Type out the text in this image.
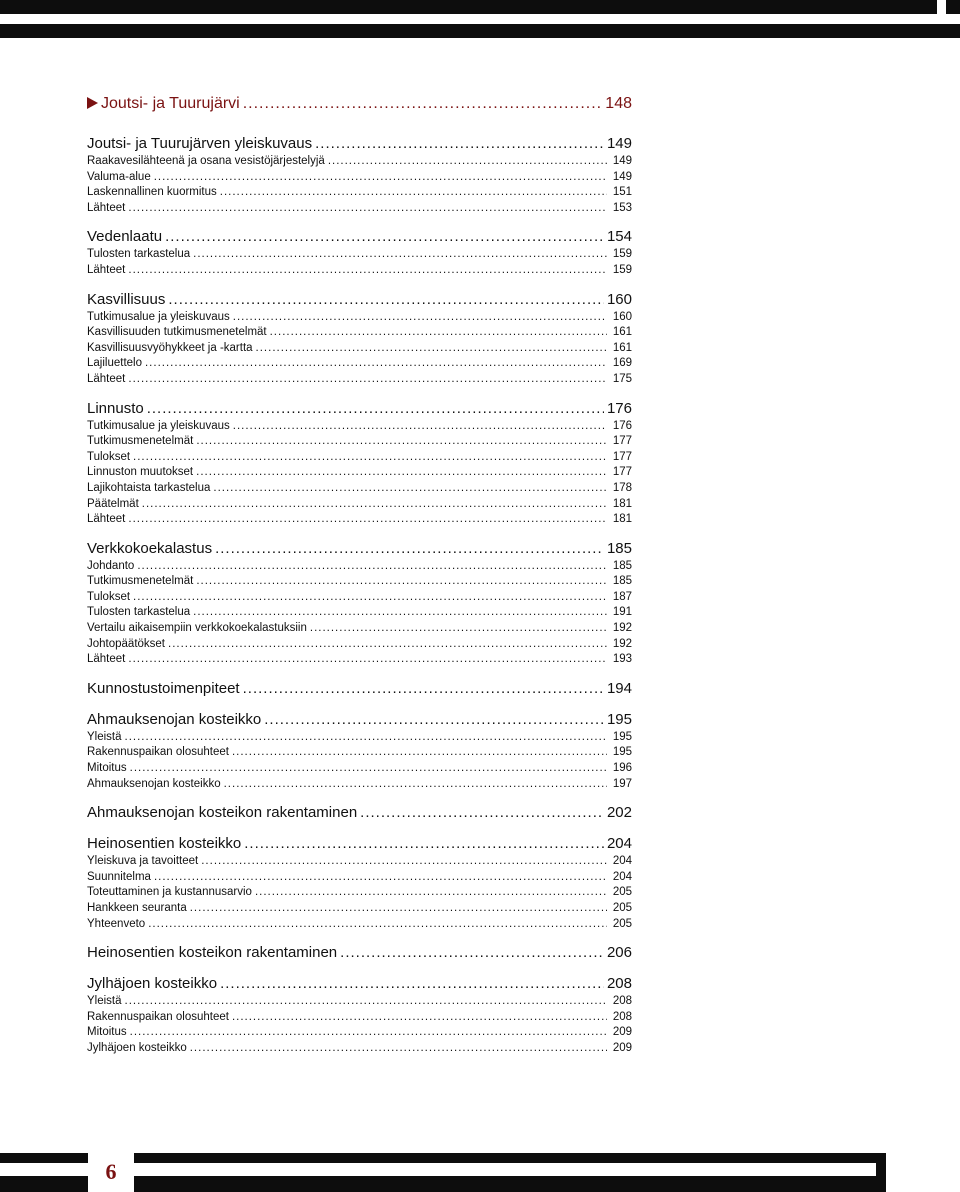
Joutsi- ja Tuurujärvi .....	148
Joutsi- ja Tuurujärven yleiskuvaus .....	149
Raakavesilähteenä ja osana vesistöjärjestelyjä .....	149
Valuma-alue .....	149
Laskennallinen kuormitus .....	151
Lähteet .....	153
Vedenlaatu .....	154
Tulosten tarkastelua .....	159
Lähteet .....	159
Kasvillisuus .....	160
Tutkimusalue ja yleiskuvaus .....	160
Kasvillisuuden tutkimusmenetelmät .....	161
Kasvillisuusvyöhykkeet ja -kartta .....	161
Lajiluettelo .....	169
Lähteet .....	175
Linnusto .....	176
Tutkimusalue ja yleiskuvaus .....	176
Tutkimusmenetelmät .....	177
Tulokset .....	177
Linnuston muutokset .....	177
Lajikohtaista tarkastelua .....	178
Päätelmät .....	181
Lähteet .....	181
Verkkokoekalastus .....	185
Johdanto .....	185
Tutkimusmenetelmät .....	185
Tulokset .....	187
Tulosten tarkastelua .....	191
Vertailu aikaisempiin verkkokoekalastuksiin .....	192
Johtopäätökset .....	192
Lähteet .....	193
Kunnostustoimenpiteet .....	194
Ahmauksenojan kosteikko .....	195
Yleistä .....	195
Rakennuspaikan olosuhteet .....	195
Mitoitus .....	196
Ahmauksenojan kosteikko .....	197
Ahmauksenojan kosteikon rakentaminen .....	202
Heinosentien kosteikko .....	204
Yleiskuva ja tavoitteet .....	204
Suunnitelma .....	204
Toteuttaminen ja kustannusarvio .....	205
Hankkeen seuranta .....	205
Yhteenveto .....	205
Heinosentien kosteikon rakentaminen .....	206
Jylhäjoen kosteikko .....	208
Yleistä .....	208
Rakennuspaikan olosuhteet .....	208
Mitoitus .....	209
Jylhäjoen kosteikko .....	209
6
